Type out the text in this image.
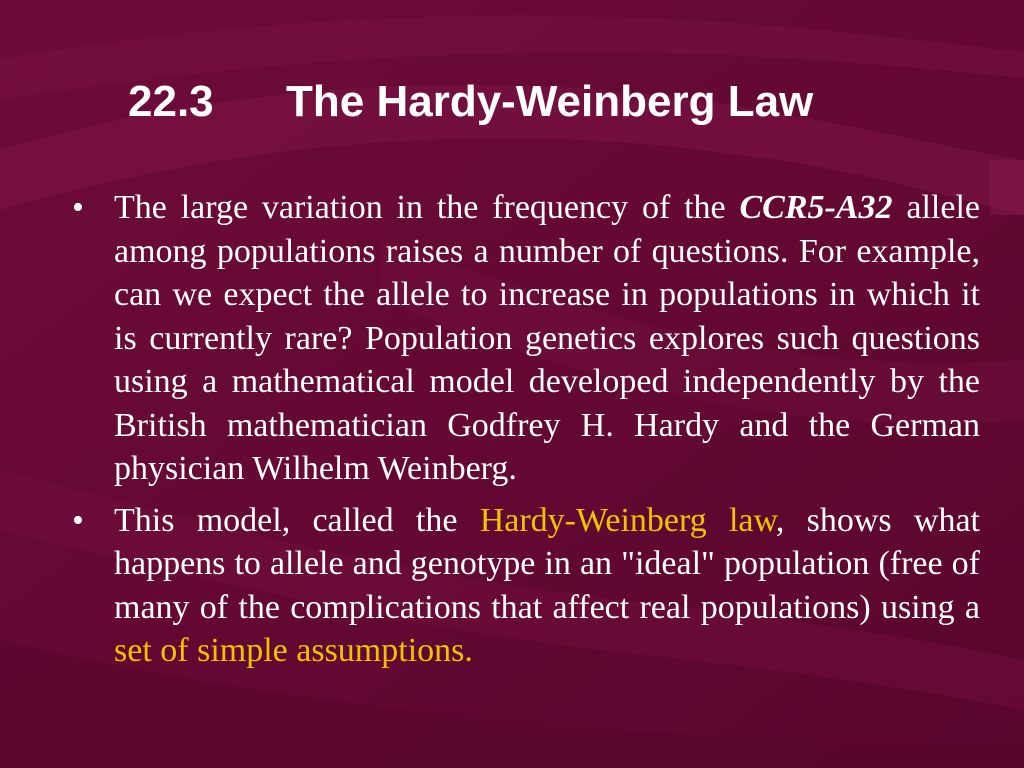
22.3 The Hardy-Weinberg Law
• The large variation in the frequency of the CCR5-A32 allele among populations raises a number of questions. For example, can we expect the allele to increase in populations in which it is currently rare? Population genetics explores such questions using a mathematical model developed independently by the British mathematician Godfrey H. Hardy and the German physician Wilhelm Weinberg.
• This model, called the Hardy-Weinberg law, shows what happens to allele and genotype in an "ideal" population (free of many of the complications that affect real populations) using a set of simple assumptions.
